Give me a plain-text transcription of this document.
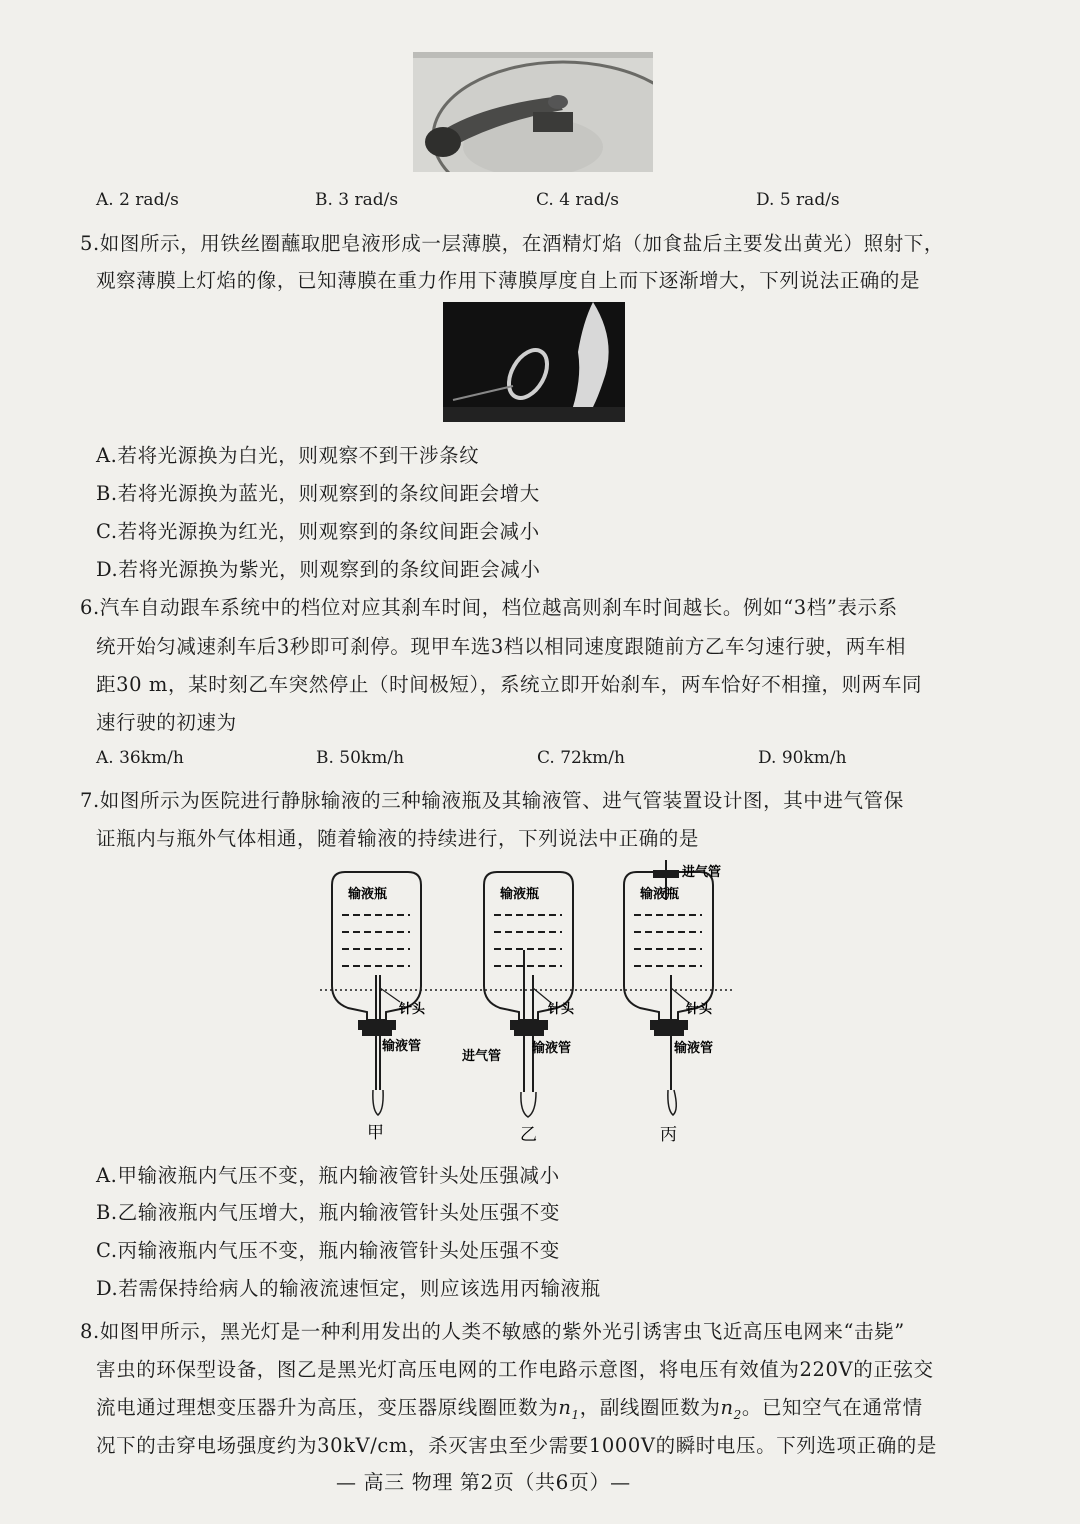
A. 2 rad/s	B. 3 rad/s	C. 4 rad/s	D. 5 rad/s
5.如图所示，用铁丝圈蘸取肥皂液形成一层薄膜，在酒精灯焰（加食盐后主要发出黄光）照射下，
观察薄膜上灯焰的像，已知薄膜在重力作用下薄膜厚度自上而下逐渐增大，下列说法正确的是
A.若将光源换为白光，则观察不到干涉条纹
B.若将光源换为蓝光，则观察到的条纹间距会增大
C.若将光源换为红光，则观察到的条纹间距会减小
D.若将光源换为紫光，则观察到的条纹间距会减小
6.汽车自动跟车系统中的档位对应其刹车时间，档位越高则刹车时间越长。例如“3档”表示系
统开始匀减速刹车后3秒即可刹停。现甲车选3档以相同速度跟随前方乙车匀速行驶，两车相
距30 m，某时刻乙车突然停止（时间极短），系统立即开始刹车，两车恰好不相撞，则两车同
速行驶的初速为
A. 36km/h	B. 50km/h	C. 72km/h	D. 90km/h
7.如图所示为医院进行静脉输液的三种输液瓶及其输液管、进气管装置设计图，其中进气管保
证瓶内与瓶外气体相通，随着输液的持续进行，下列说法中正确的是
输液瓶	输液瓶	输液瓶
针头	针头	针头
输液管	输液管	输液管
进气管
进气管
甲	乙	丙
A.甲输液瓶内气压不变，瓶内输液管针头处压强减小
B.乙输液瓶内气压增大，瓶内输液管针头处压强不变
C.丙输液瓶内气压不变，瓶内输液管针头处压强不变
D.若需保持给病人的输液流速恒定，则应该选用丙输液瓶
8.如图甲所示，黑光灯是一种利用发出的人类不敏感的紫外光引诱害虫飞近高压电网来“击毙”
害虫的环保型设备，图乙是黑光灯高压电网的工作电路示意图，将电压有效值为220V的正弦交
流电通过理想变压器升为高压，变压器原线圈匝数为$n_1$，副线圈匝数为$n_2$。已知空气在通常情
况下的击穿电场强度约为30kV/cm，杀灭害虫至少需要1000V的瞬时电压。下列选项正确的是
— 高三 物理 第2页（共6页）—
